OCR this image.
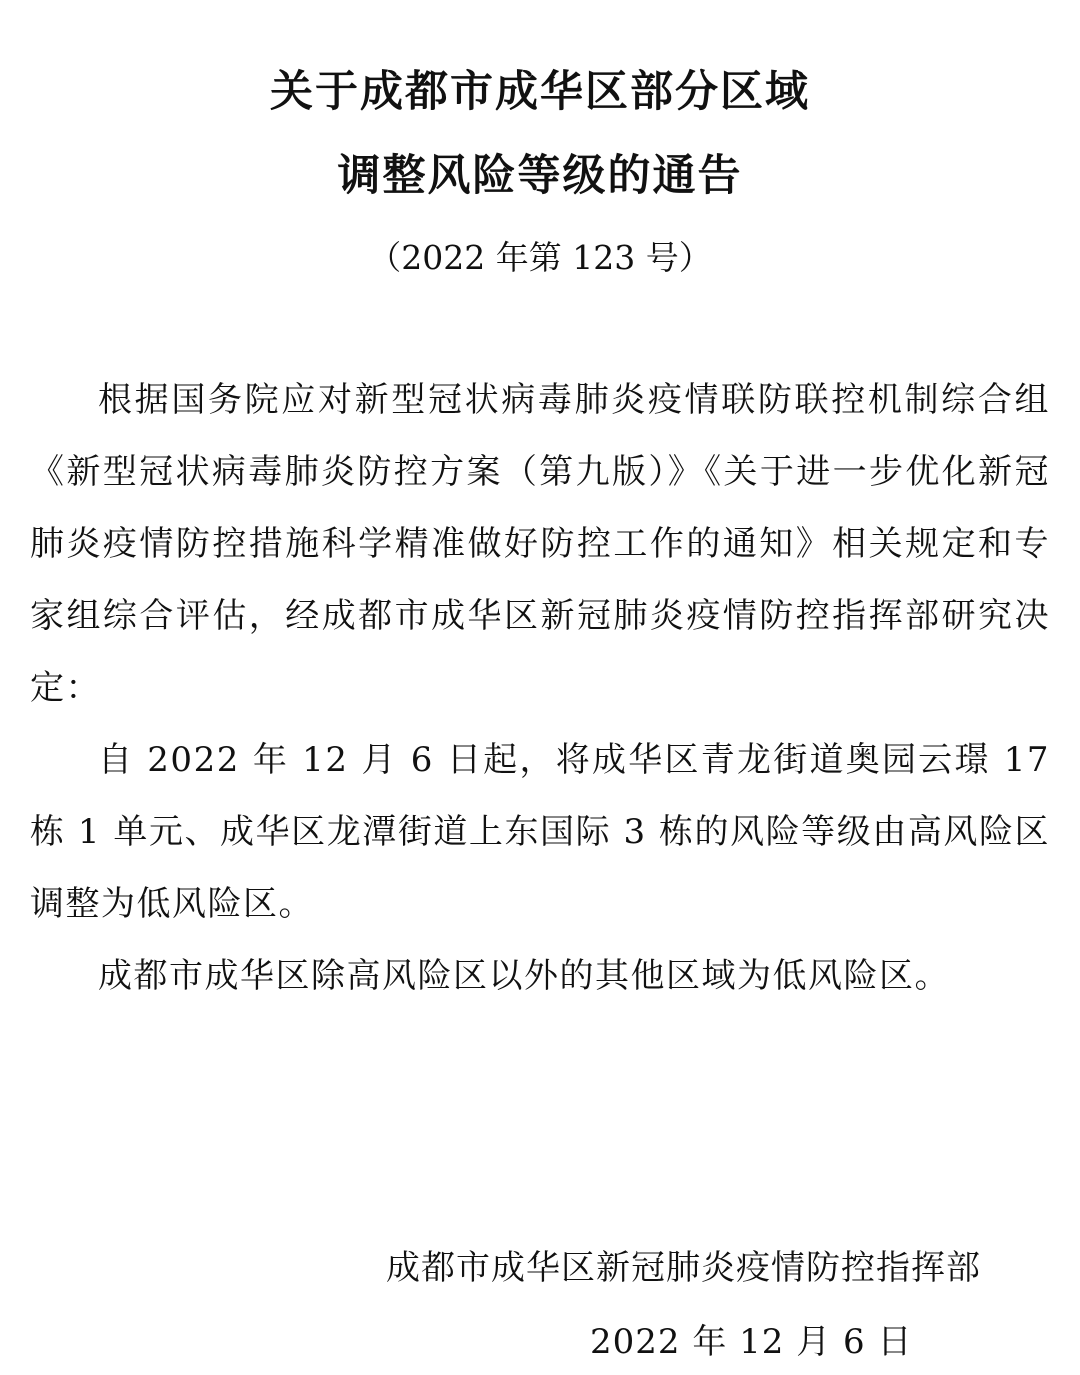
关于成都市成华区部分区域
调整风险等级的通告
（2022 年第 123 号）

根据国务院应对新型冠状病毒肺炎疫情联防联控机制综合组《新型冠状病毒肺炎防控方案（第九版）》《关于进一步优化新冠肺炎疫情防控措施科学精准做好防控工作的通知》相关规定和专家组综合评估，经成都市成华区新冠肺炎疫情防控指挥部研究决定：

自 2022 年 12 月 6 日起，将成华区青龙街道奥园云璟 17 栋 1 单元、成华区龙潭街道上东国际 3 栋的风险等级由高风险区调整为低风险区。

成都市成华区除高风险区以外的其他区域为低风险区。

成都市成华区新冠肺炎疫情防控指挥部
2022 年 12 月 6 日
